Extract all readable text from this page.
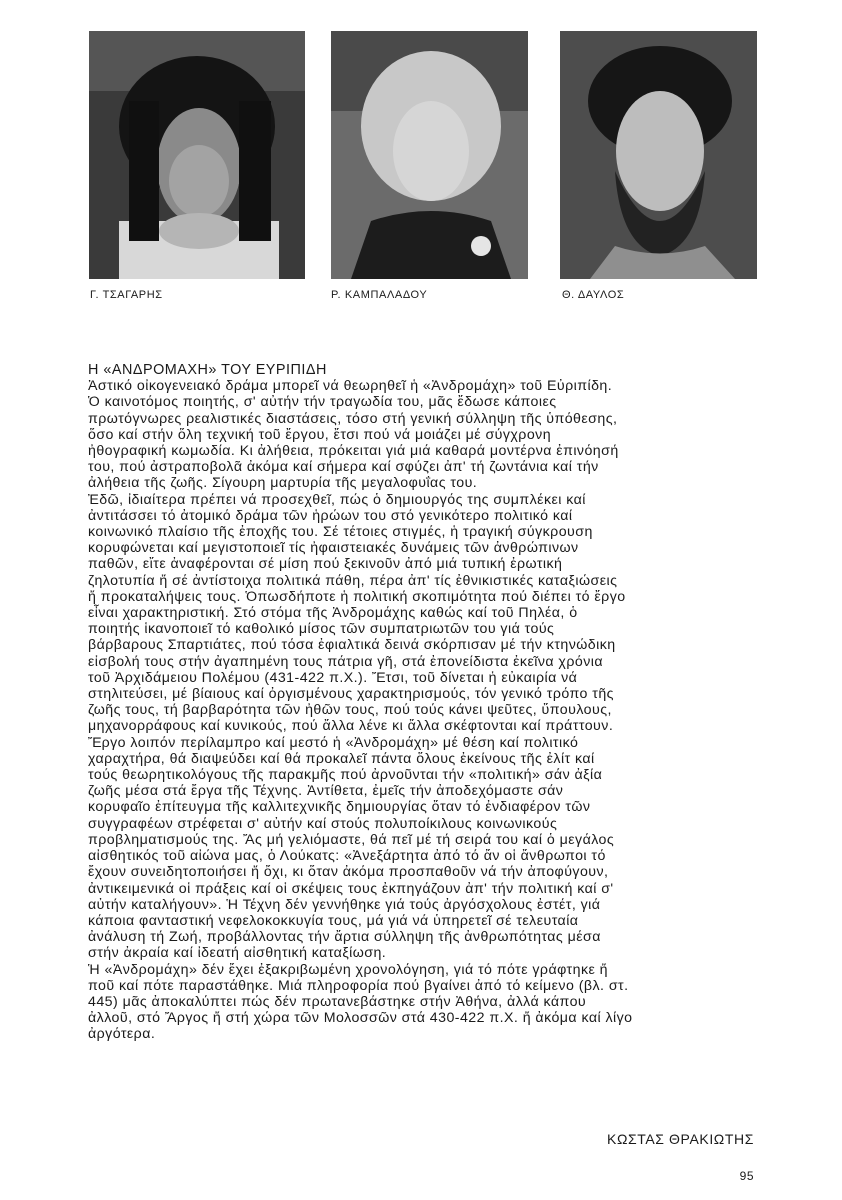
Γ. ΤΣΑΓΑΡΗΣ	Ρ. ΚΑΜΠΑΛΑΔΟΥ	Θ. ΔΑΥΛΟΣ
Η «ΑΝΔΡΟΜΑΧΗ» ΤΟΥ ΕΥΡΙΠΙΔΗ

Ἀστικό οἰκογενειακό δράμα μπορεῖ νά θεωρηθεῖ ἡ «Ἀνδρομάχη» τοῦ Εὐριπίδη.
Ὁ καινοτόμος ποιητής, σ' αὐτήν τήν τραγωδία του, μᾶς ἔδωσε κάποιες
πρωτόγνωρες ρεαλιστικές διαστάσεις, τόσο στή γενική σύλληψη τῆς ὑπόθεσης,
ὅσο καί στήν ὅλη τεχνική τοῦ ἔργου, ἔτσι πού νά μοιάζει μέ σύγχρονη
ἠθογραφική κωμωδία. Κι ἀλήθεια, πρόκειται γιά μιά καθαρά μοντέρνα ἐπινόησή
του, πού ἀστραποβολᾶ ἀκόμα καί σήμερα καί σφύζει ἀπ' τή ζωντάνια καί τήν
ἀλήθεια τῆς ζωῆς. Σίγουρη μαρτυρία τῆς μεγαλοφυΐας του.

Ἐδῶ, ἰδιαίτερα πρέπει νά προσεχθεῖ, πώς ὁ δημιουργός της συμπλέκει καί
ἀντιτάσσει τό ἀτομικό δράμα τῶν ἡρώων του στό γενικότερο πολιτικό καί
κοινωνικό πλαίσιο τῆς ἐποχῆς του. Σέ τέτοιες στιγμές, ἡ τραγική σύγκρουση
κορυφώνεται καί μεγιστοποιεῖ τίς ἠφαιστειακές δυνάμεις τῶν ἀνθρώπινων
παθῶν, εἴτε ἀναφέρονται σέ μίση πού ξεκινοῦν ἀπό μιά τυπική ἐρωτική
ζηλοτυπία ἤ σέ ἀντίστοιχα πολιτικά πάθη, πέρα ἀπ' τίς ἐθνικιστικές καταξιώσεις
ἤ προκαταλήψεις τους. Ὁπωσδήποτε ἡ πολιτική σκοπιμότητα πού διέπει τό ἔργο
εἶναι χαρακτηριστική. Στό στόμα τῆς Ἀνδρομάχης καθώς καί τοῦ Πηλέα, ὁ
ποιητής ἱκανοποιεῖ τό καθολικό μίσος τῶν συμπατριωτῶν του γιά τούς
βάρβαρους Σπαρτιάτες, πού τόσα ἐφιαλτικά δεινά σκόρπισαν μέ τήν κτηνώδικη
εἰσβολή τους στήν ἀγαπημένη τους πάτρια γῆ, στά ἐπονείδιστα ἐκεῖνα χρόνια
τοῦ Ἀρχιδάμειου Πολέμου (431-422 π.Χ.). Ἔτσι, τοῦ δίνεται ἡ εὐκαιρία νά
στηλιτεύσει, μέ βίαιους καί ὀργισμένους χαρακτηρισμούς, τόν γενικό τρόπο τῆς
ζωῆς τους, τή βαρβαρότητα τῶν ἠθῶν τους, πού τούς κάνει ψεῦτες, ὕπουλους,
μηχανορράφους καί κυνικούς, πού ἄλλα λένε κι ἄλλα σκέφτονται καί πράττουν.

Ἔργο λοιπόν περίλαμπρο καί μεστό ἡ «Ἀνδρομάχη» μέ θέση καί πολιτικό
χαραχτήρα, θά διαψεύδει καί θά προκαλεῖ πάντα ὅλους ἐκείνους τῆς ἐλίτ καί
τούς θεωρητικολόγους τῆς παρακμῆς πού ἀρνοῦνται τήν «πολιτική» σάν ἀξία
ζωῆς μέσα στά ἔργα τῆς Τέχνης. Ἀντίθετα, ἐμεῖς τήν ἀποδεχόμαστε σάν
κορυφαῖο ἐπίτευγμα τῆς καλλιτεχνικῆς δημιουργίας ὅταν τό ἐνδιαφέρον τῶν
συγγραφέων στρέφεται σ' αὐτήν καί στούς πολυποίκιλους κοινωνικούς
προβληματισμούς της. Ἄς μή γελιόμαστε, θά πεῖ μέ τή σειρά του καί ὁ μεγάλος
αἰσθητικός τοῦ αἰώνα μας, ὁ Λούκατς: «Ἀνεξάρτητα ἀπό τό ἄν οἱ ἄνθρωποι τό
ἔχουν συνειδητοποιήσει ἤ ὄχι, κι ὅταν ἀκόμα προσπαθοῦν νά τήν ἀποφύγουν,
ἀντικειμενικά οἱ πράξεις καί οἱ σκέψεις τους ἐκπηγάζουν ἀπ' τήν πολιτική καί σ'
αὐτήν καταλήγουν». Ἡ Τέχνη δέν γεννήθηκε γιά τούς ἀργόσχολους ἐστέτ, γιά
κάποια φανταστική νεφελοκοκκυγία τους, μά γιά νά ὑπηρετεῖ σέ τελευταία
ἀνάλυση τή Ζωή, προβάλλοντας τήν ἄρτια σύλληψη τῆς ἀνθρωπότητας μέσα
στήν ἀκραία καί ἰδεατή αἰσθητική καταξίωση.

Ἡ «Ἀνδρομάχη» δέν ἔχει ἐξακριβωμένη χρονολόγηση, γιά τό πότε γράφτηκε ἤ
ποῦ καί πότε παραστάθηκε. Μιά πληροφορία πού βγαίνει ἀπό τό κείμενο (βλ. στ.
445) μᾶς ἀποκαλύπτει πώς δέν πρωτανεβάστηκε στήν Ἀθήνα, ἀλλά κάπου
ἀλλοῦ, στό Ἄργος ἤ στή χώρα τῶν Μολοσσῶν στά 430-422 π.Χ. ἤ ἀκόμα καί λίγο
ἀργότερα.

ΚΩΣΤΑΣ ΘΡΑΚΙΩΤΗΣ
95
